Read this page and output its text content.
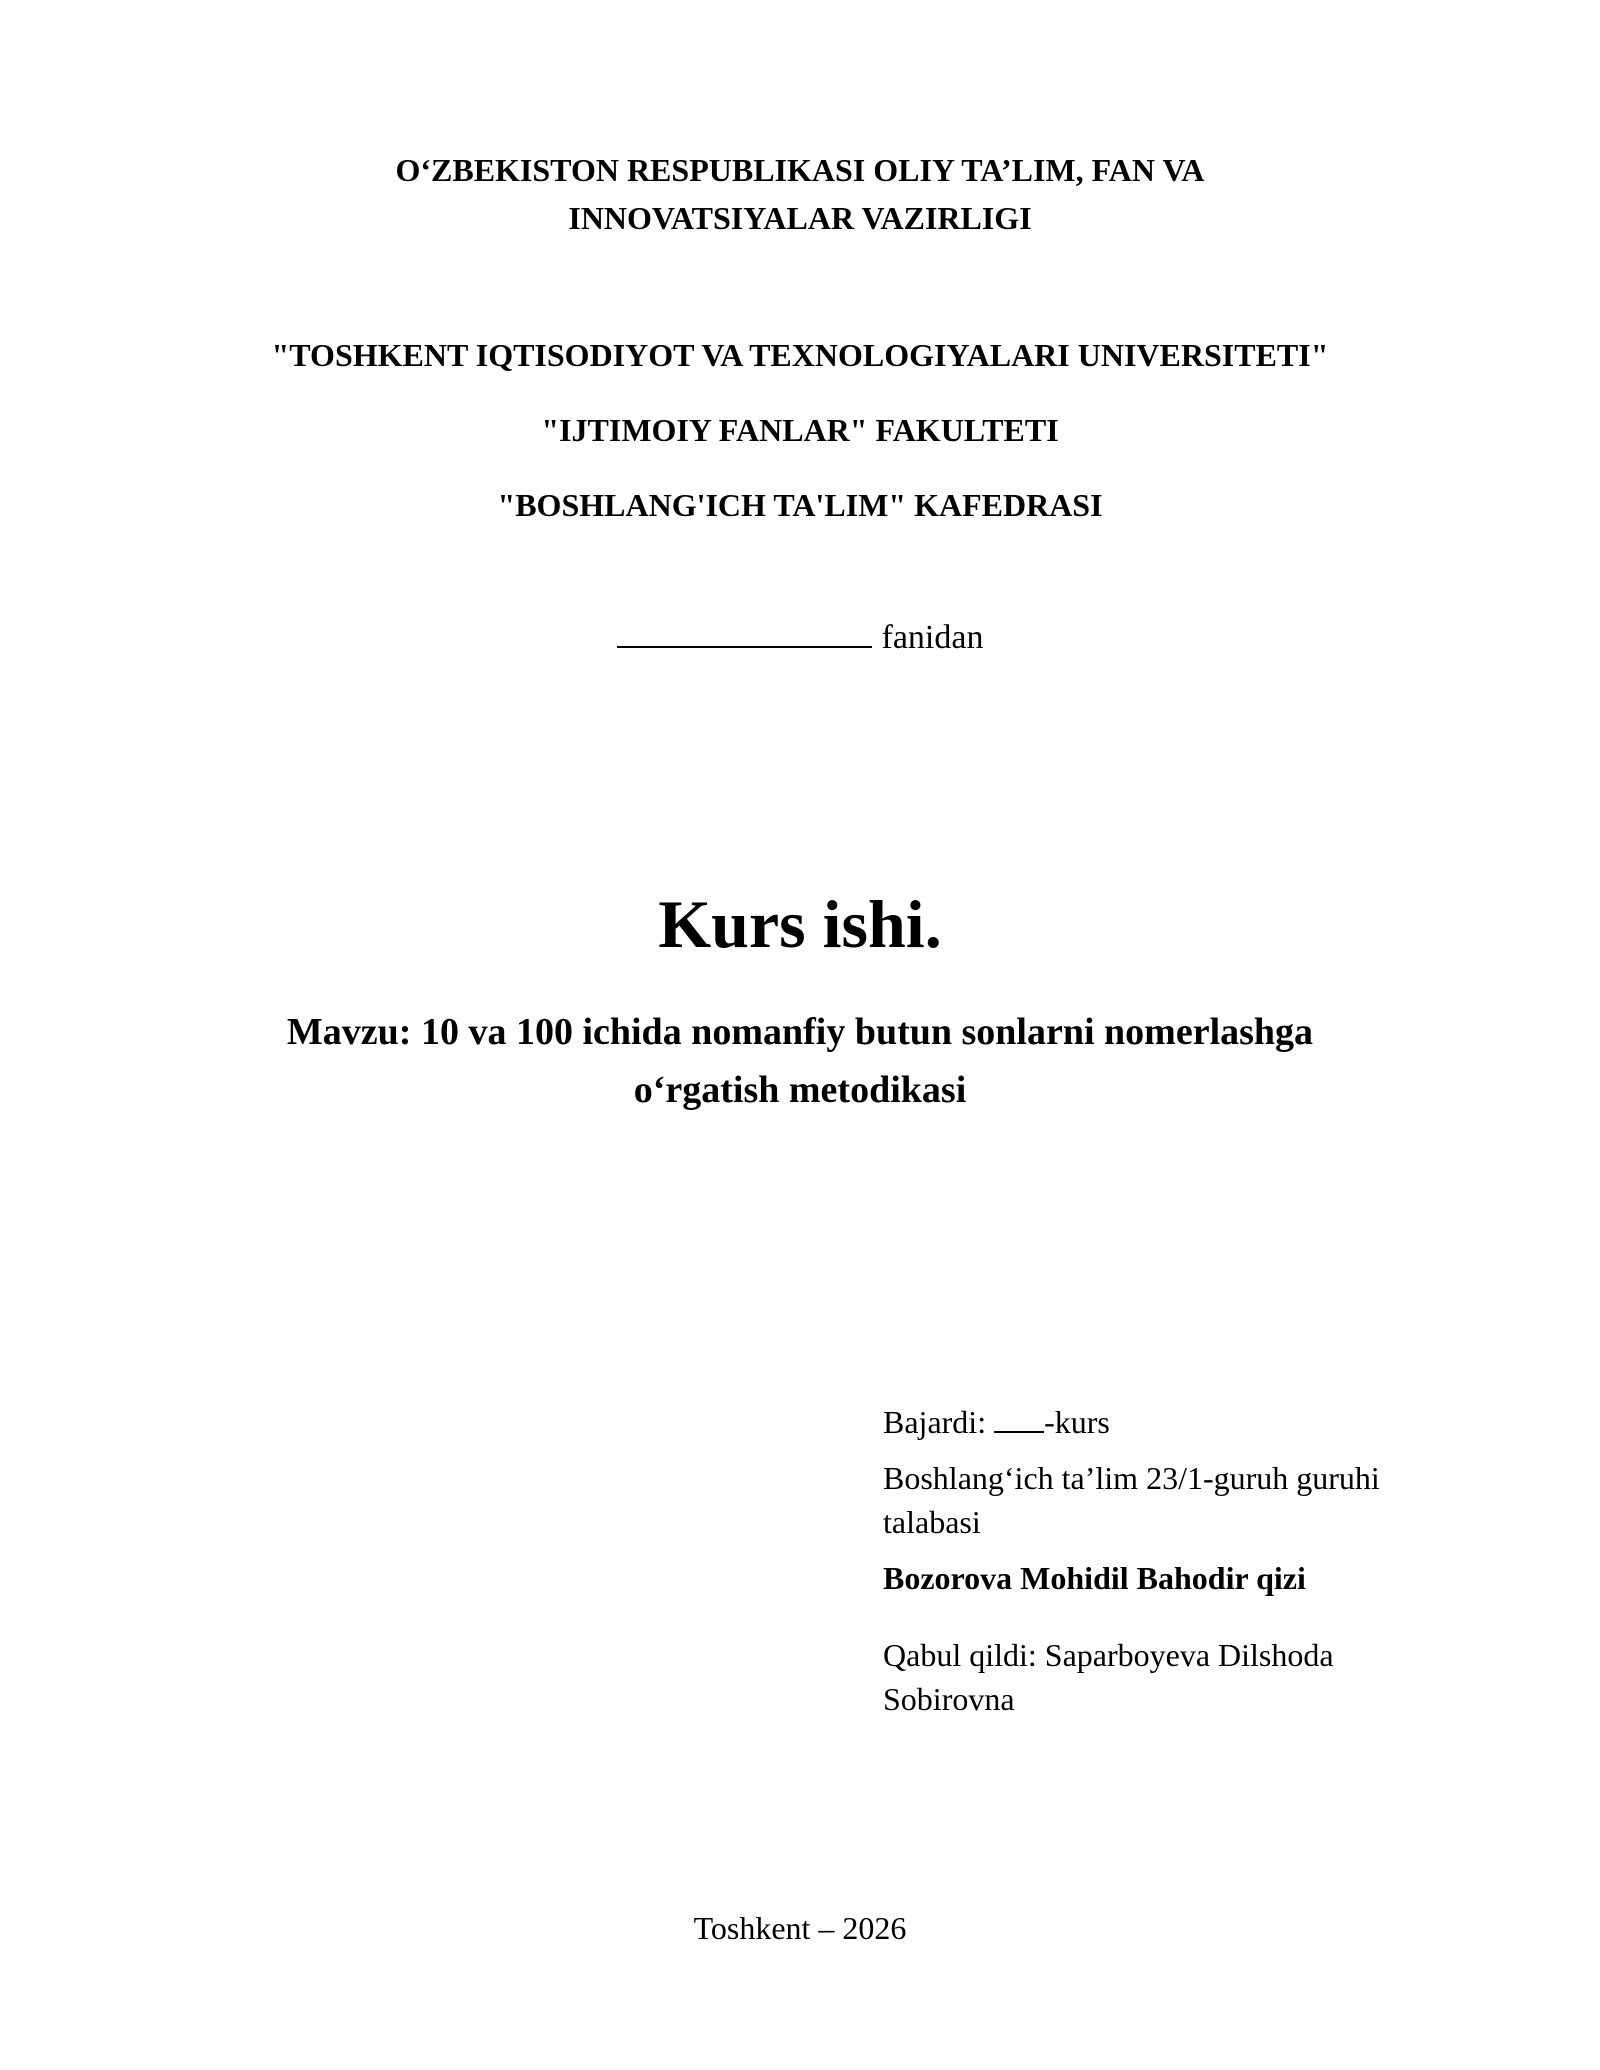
O‘ZBEKISTON RESPUBLIKASI OLIY TA’LIM, FAN VA
INNOVATSIYALAR VAZIRLIGI
"TOSHKENT IQTISODIYOT VA TEXNOLOGIYALARI UNIVERSITETI"
"IJTIMOIY FANLAR" FAKULTETI
"BOSHLANG'ICH TA'LIM" KAFEDRASI
fanidan
Kurs ishi.
Mavzu: 10 va 100 ichida nomanfiy butun sonlarni nomerlashga
o‘rgatish metodikasi
Bajardi: -kurs
Boshlang‘ich ta’lim 23/1-guruh guruhi
talabasi
Bozorova Mohidil Bahodir qizi
Qabul qildi: Saparboyeva Dilshoda
Sobirovna
Toshkent – 2026
